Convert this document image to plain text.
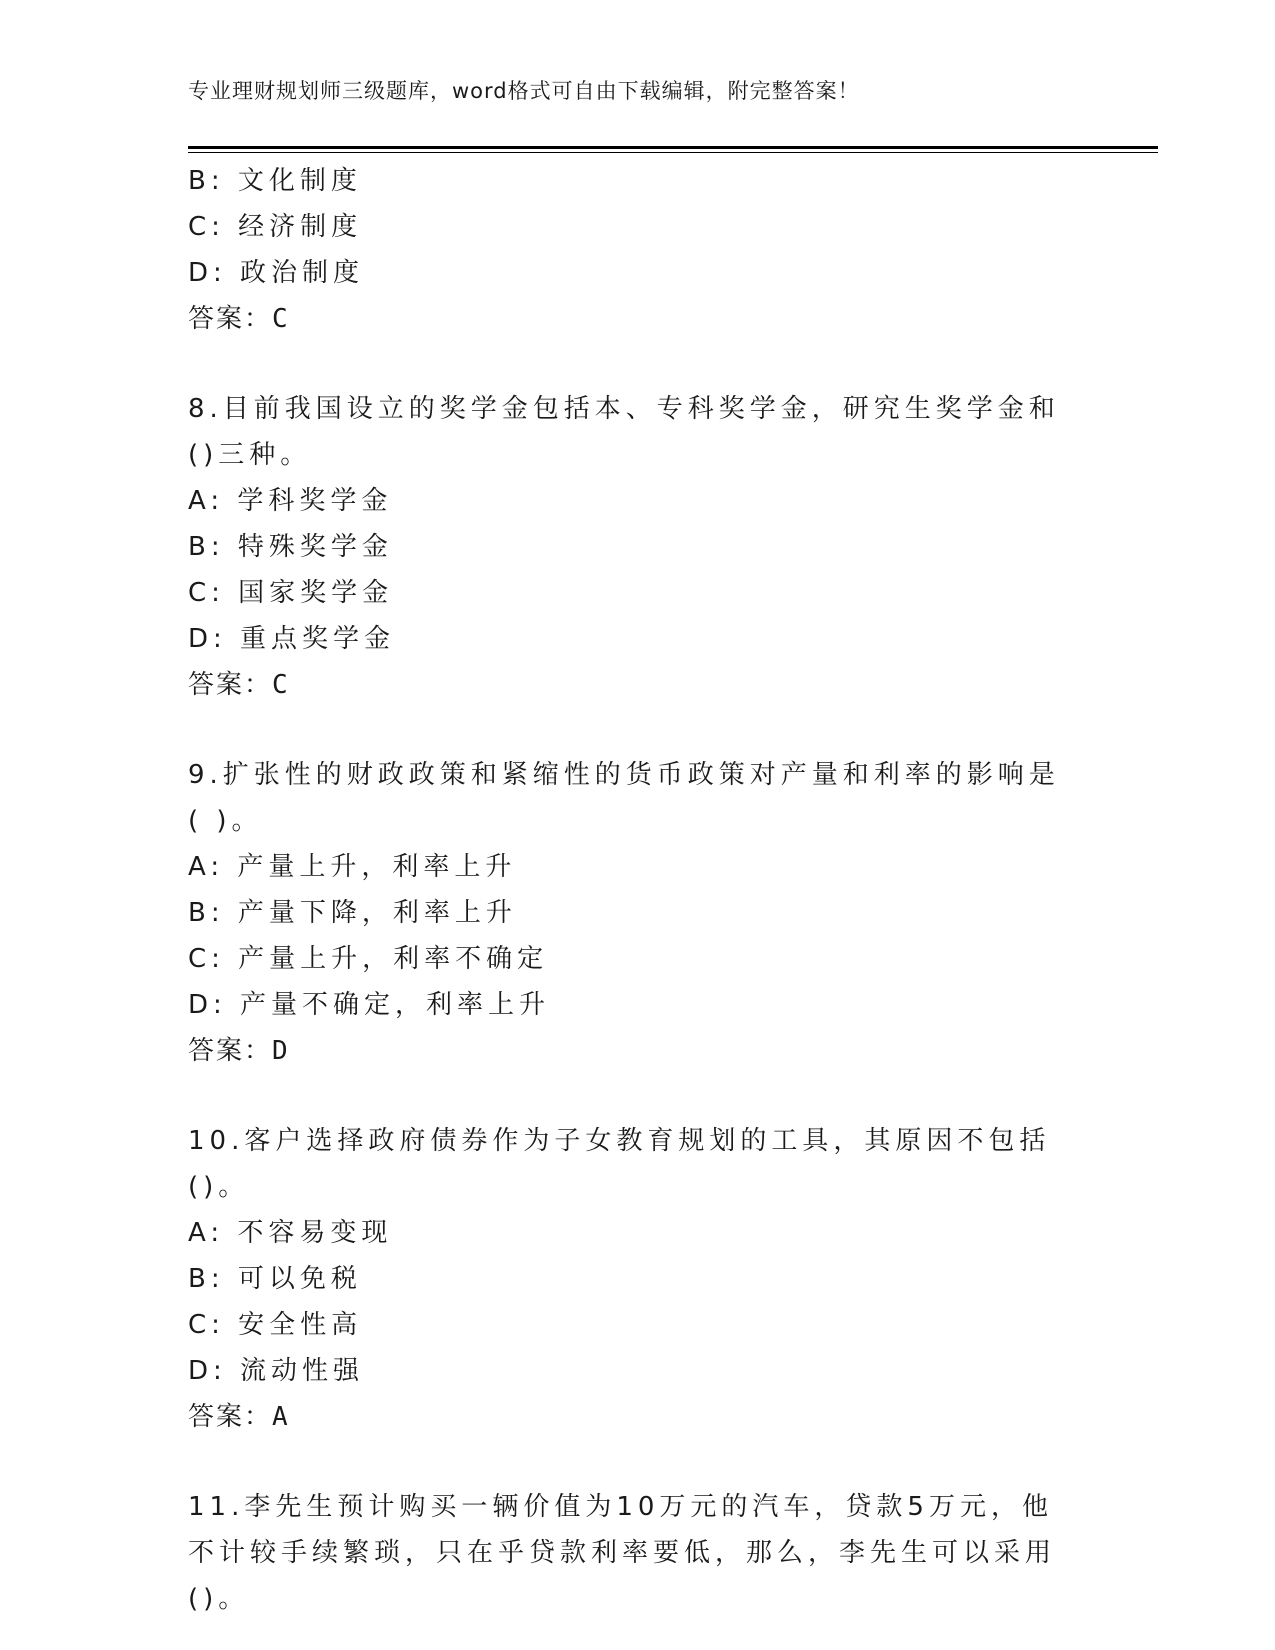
专业理财规划师三级题库，word格式可自由下载编辑，附完整答案！
B: 文化制度
C: 经济制度
D: 政治制度
答案：C
8.目前我国设立的奖学金包括本、专科奖学金，研究生奖学金和()三种。
A: 学科奖学金
B: 特殊奖学金
C: 国家奖学金
D: 重点奖学金
答案：C
9.扩张性的财政政策和紧缩性的货币政策对产量和利率的影响是( )。
A: 产量上升，利率上升
B: 产量下降，利率上升
C: 产量上升，利率不确定
D: 产量不确定，利率上升
答案：D
10.客户选择政府债券作为子女教育规划的工具，其原因不包括()。
A: 不容易变现
B: 可以免税
C: 安全性高
D: 流动性强
答案：A
11.李先生预计购买一辆价值为10万元的汽车，贷款5万元，他不计较手续繁琐，只在乎贷款利率要低，那么，李先生可以采用()。
